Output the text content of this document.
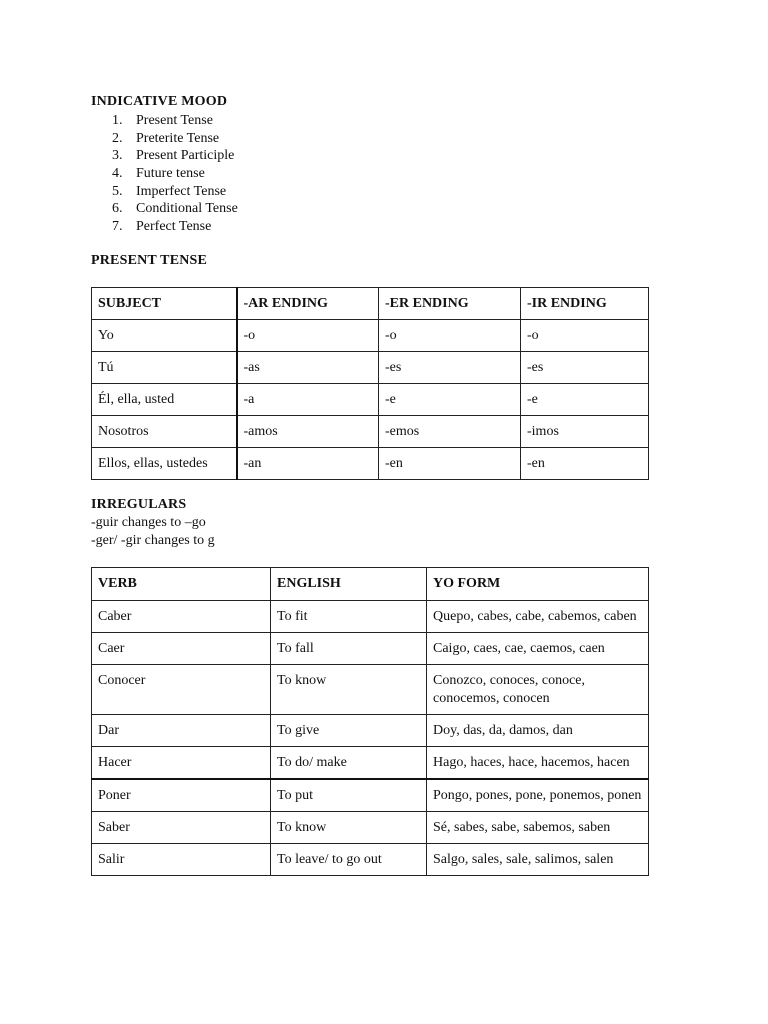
INDICATIVE MOOD
1. Present Tense
2. Preterite Tense
3. Present Participle
4. Future tense
5. Imperfect Tense
6. Conditional Tense
7. Perfect Tense
PRESENT TENSE
SUBJECT	-AR ENDING	-ER ENDING	-IR ENDING
Yo	-o	-o	-o
Tú	-as	-es	-es
Él, ella, usted	-a	-e	-e
Nosotros	-amos	-emos	-imos
Ellos, ellas, ustedes	-an	-en	-en
IRREGULARS
-guir changes to –go
-ger/ -gir changes to g
VERB	ENGLISH	YO FORM
Caber	To fit	Quepo, cabes, cabe, cabemos, caben
Caer	To fall	Caigo, caes, cae, caemos, caen
Conocer	To know	Conozco, conoces, conoce, conocemos, conocen
Dar	To give	Doy, das, da, damos, dan
Hacer	To do/ make	Hago, haces, hace, hacemos, hacen
Poner	To put	Pongo, pones, pone, ponemos, ponen
Saber	To know	Sé, sabes, sabe, sabemos, saben
Salir	To leave/ to go out	Salgo, sales, sale, salimos, salen
